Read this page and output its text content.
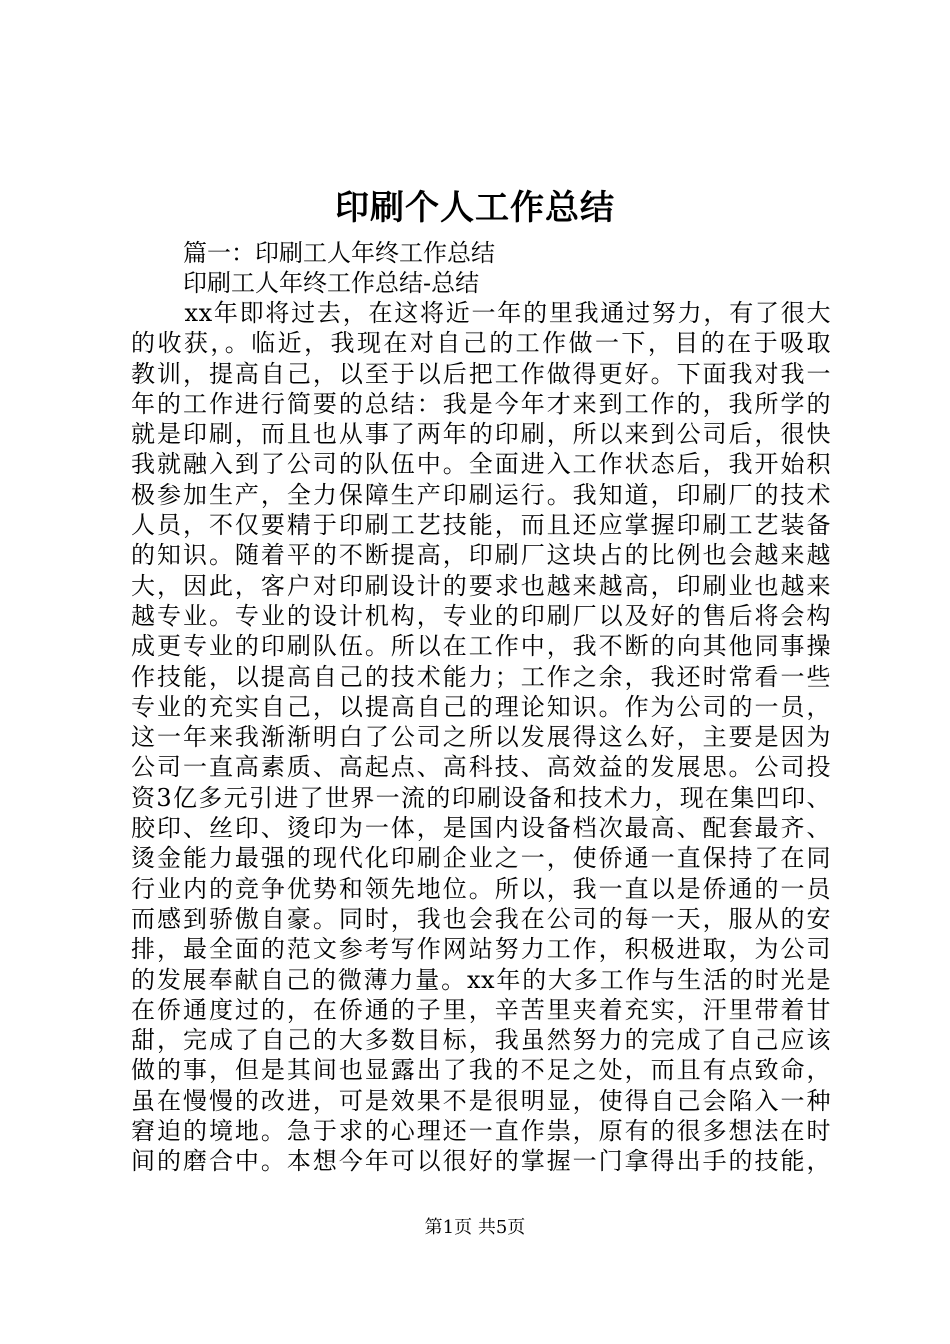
印刷个人工作总结
篇一：印刷工人年终工作总结
印刷工人年终工作总结-总结
　　xx年即将过去，在这将近一年的里我通过努力，有了很大
的收获，。临近，我现在对自己的工作做一下，目的在于吸取
教训，提高自己，以至于以后把工作做得更好。下面我对我一
年的工作进行简要的总结：我是今年才来到工作的，我所学的
就是印刷，而且也从事了两年的印刷，所以来到公司后，很快
我就融入到了公司的队伍中。全面进入工作状态后，我开始积
极参加生产，全力保障生产印刷运行。我知道，印刷厂的技术
人员，不仅要精于印刷工艺技能，而且还应掌握印刷工艺装备
的知识。随着平的不断提高，印刷厂这块占的比例也会越来越
大，因此，客户对印刷设计的要求也越来越高，印刷业也越来
越专业。专业的设计机构，专业的印刷厂以及好的售后将会构
成更专业的印刷队伍。所以在工作中，我不断的向其他同事操
作技能，以提高自己的技术能力；工作之余，我还时常看一些
专业的充实自己，以提高自己的理论知识。作为公司的一员，
这一年来我渐渐明白了公司之所以发展得这么好，主要是因为
公司一直高素质、高起点、高科技、高效益的发展思。公司投
资3亿多元引进了世界一流的印刷设备和技术力，现在集凹印、
胶印、丝印、烫印为一体，是国内设备档次最高、配套最齐、
烫金能力最强的现代化印刷企业之一，使侨通一直保持了在同
行业内的竞争优势和领先地位。所以，我一直以是侨通的一员
而感到骄傲自豪。同时，我也会我在公司的每一天，服从的安
排，最全面的范文参考写作网站努力工作，积极进取，为公司
的发展奉献自己的微薄力量。xx年的大多工作与生活的时光是
在侨通度过的，在侨通的子里，辛苦里夹着充实，汗里带着甘
甜，完成了自己的大多数目标，我虽然努力的完成了自己应该
做的事，但是其间也显露出了我的不足之处，而且有点致命，
虽在慢慢的改进，可是效果不是很明显，使得自己会陷入一种
窘迫的境地。急于求的心理还一直作祟，原有的很多想法在时
间的磨合中。本想今年可以很好的掌握一门拿得出手的技能，
第1页 共5页
